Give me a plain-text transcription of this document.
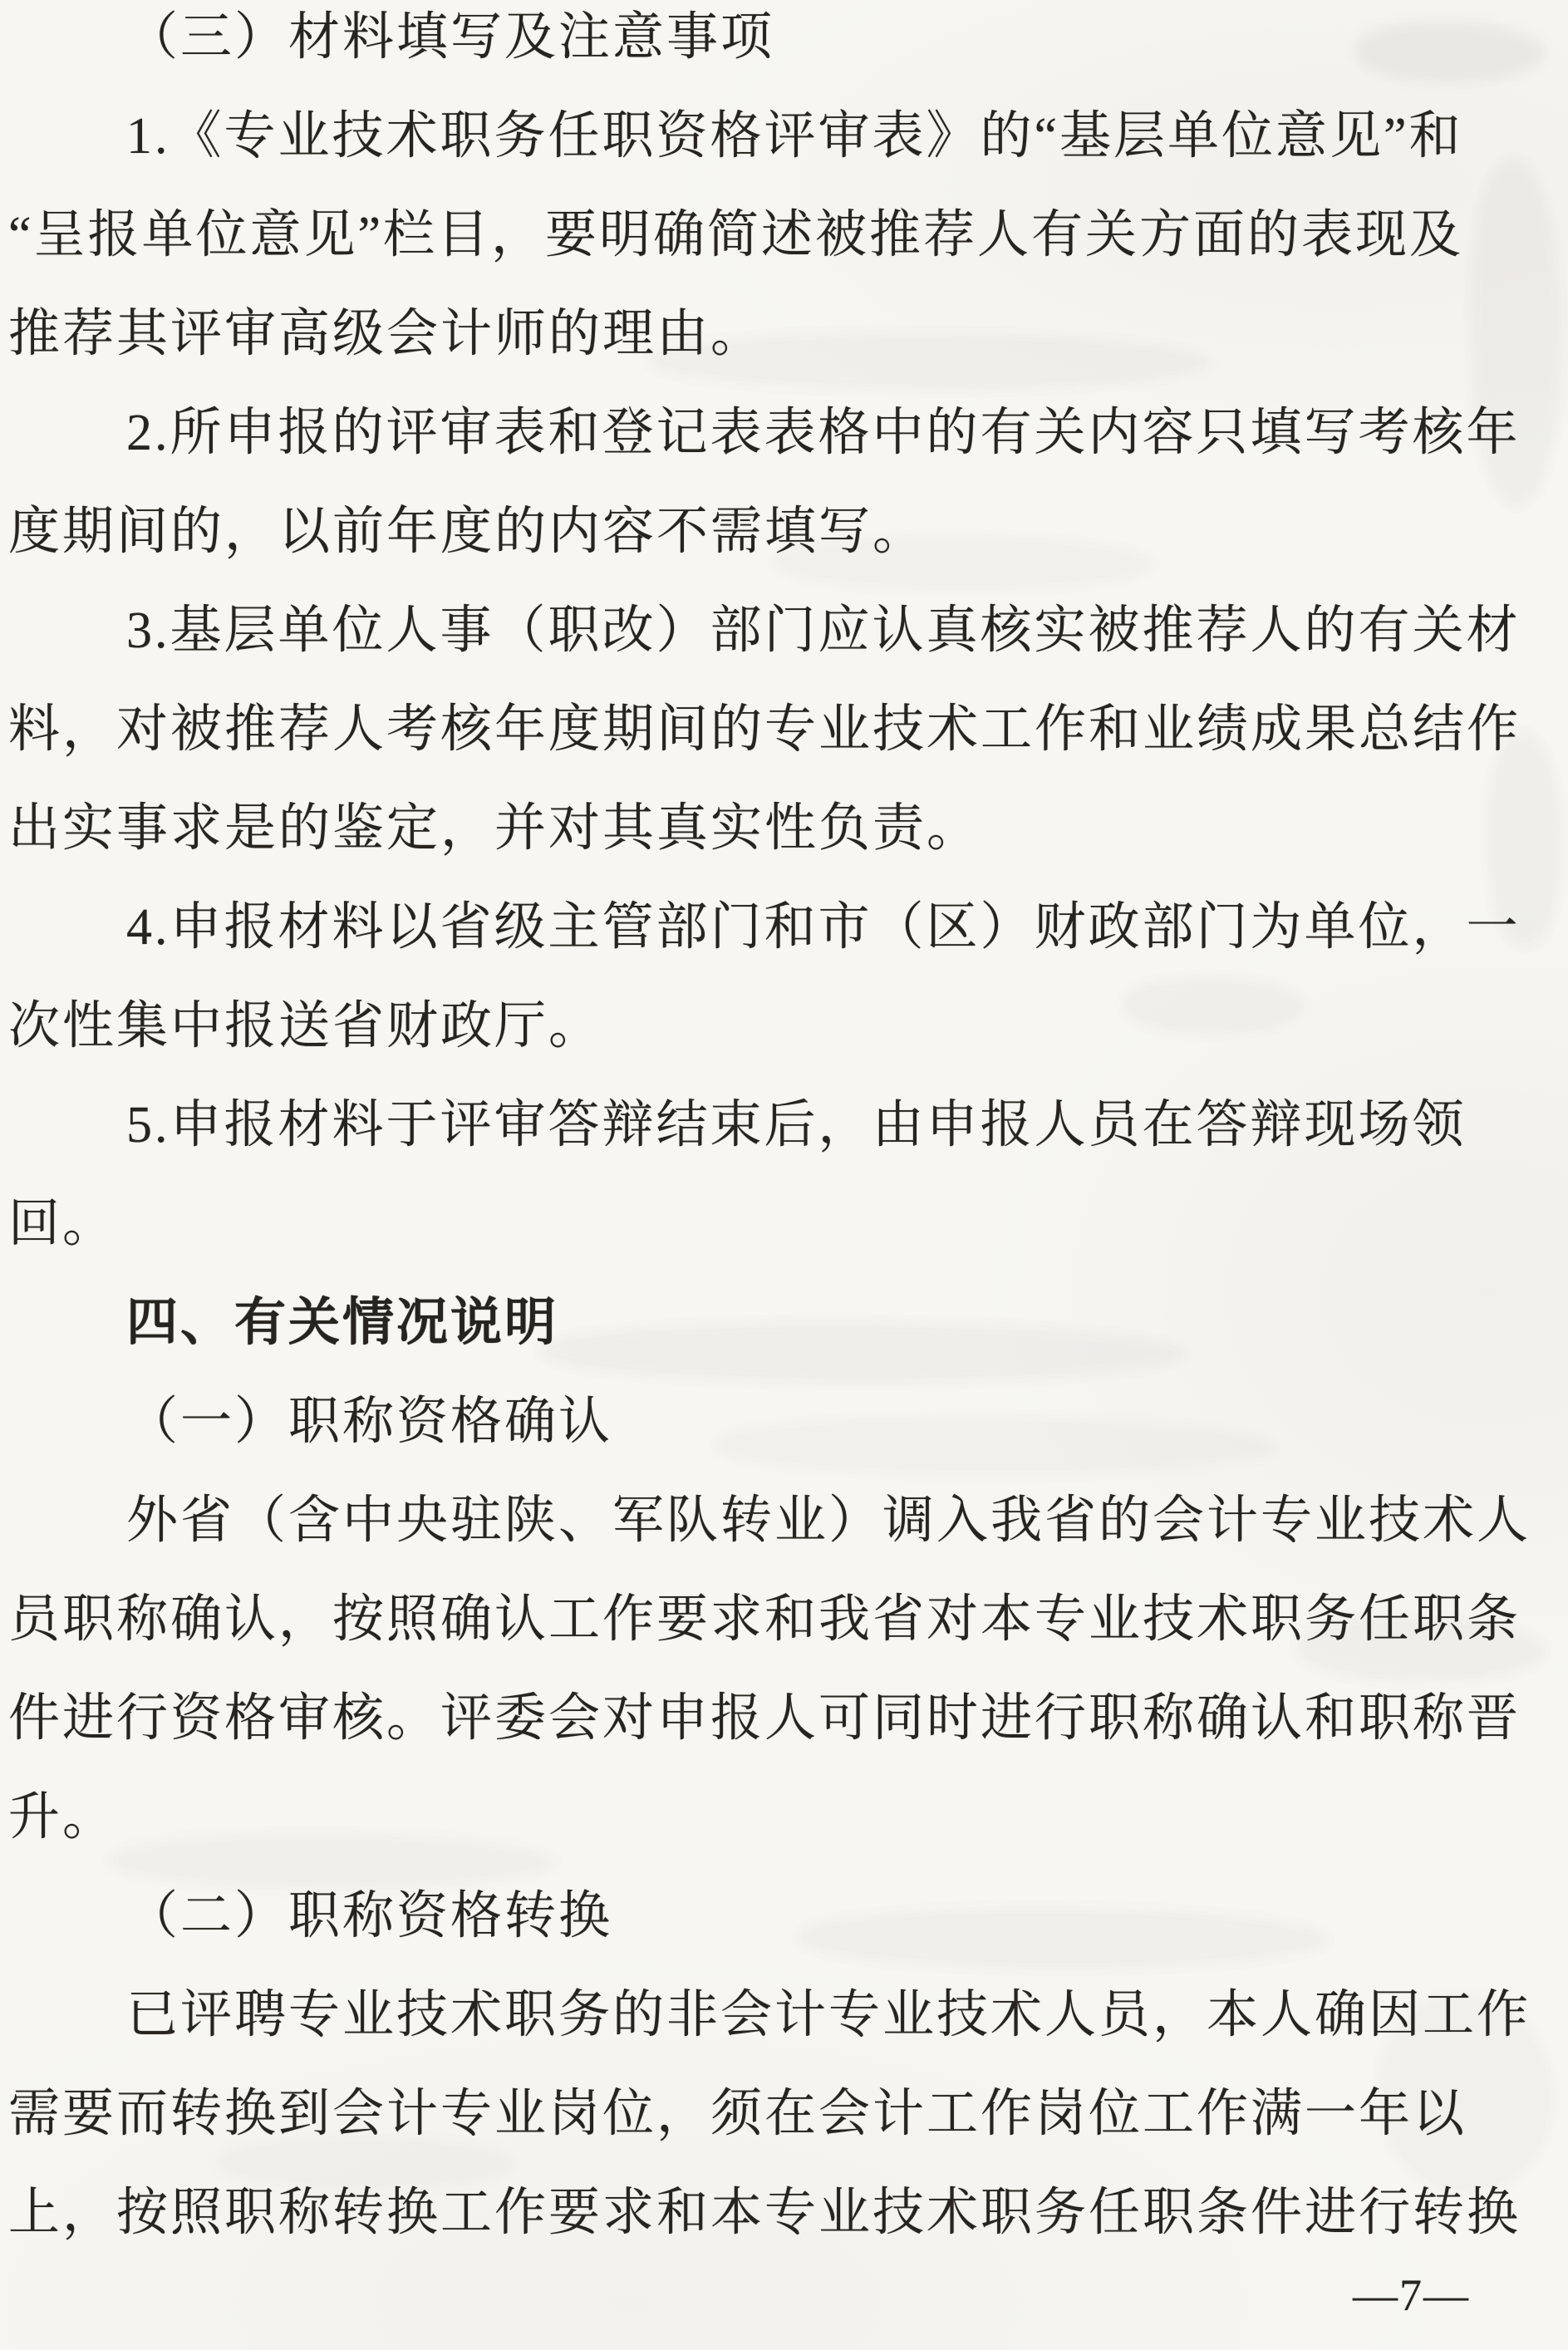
（三）材料填写及注意事项

1.《专业技术职务任职资格评审表》的“基层单位意见”和

“呈报单位意见”栏目，要明确简述被推荐人有关方面的表现及

推荐其评审高级会计师的理由。

2.所申报的评审表和登记表表格中的有关内容只填写考核年

度期间的，以前年度的内容不需填写。

3.基层单位人事（职改）部门应认真核实被推荐人的有关材

料，对被推荐人考核年度期间的专业技术工作和业绩成果总结作

出实事求是的鉴定，并对其真实性负责。

4.申报材料以省级主管部门和市（区）财政部门为单位，一

次性集中报送省财政厅。

5.申报材料于评审答辩结束后，由申报人员在答辩现场领

回。

四、有关情况说明

（一）职称资格确认

外省（含中央驻陕、军队转业）调入我省的会计专业技术人

员职称确认，按照确认工作要求和我省对本专业技术职务任职条

件进行资格审核。评委会对申报人可同时进行职称确认和职称晋

升。

（二）职称资格转换

已评聘专业技术职务的非会计专业技术人员，本人确因工作

需要而转换到会计专业岗位，须在会计工作岗位工作满一年以

上，按照职称转换工作要求和本专业技术职务任职条件进行转换

—7—
